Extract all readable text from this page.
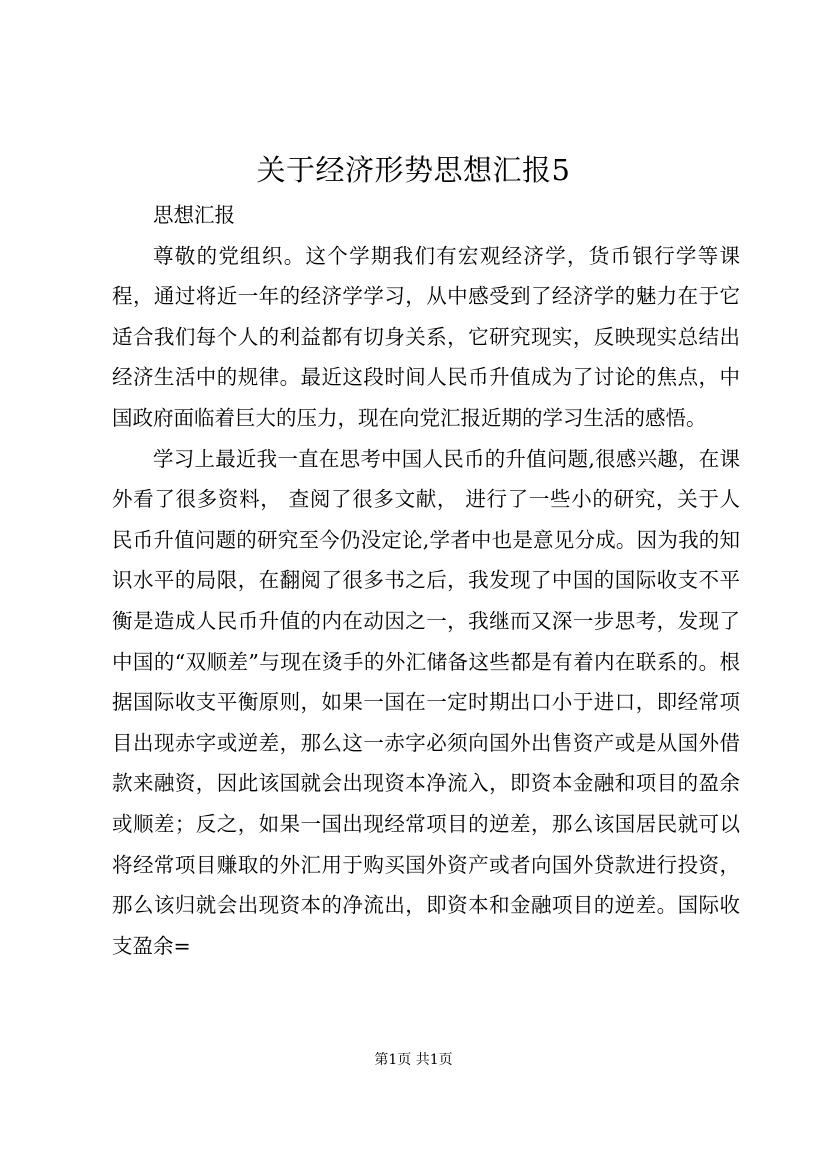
关于经济形势思想汇报5

思想汇报

尊敬的党组织。这个学期我们有宏观经济学，货币银行学等课程，通过将近一年的经济学学习，从中感受到了经济学的魅力在于它适合我们每个人的利益都有切身关系，它研究现实，反映现实总结出经济生活中的规律。最近这段时间人民币升值成为了讨论的焦点，中国政府面临着巨大的压力，现在向党汇报近期的学习生活的感悟。

学习上最近我一直在思考中国人民币的升值问题,很感兴趣，在课外看了很多资料， 查阅了很多文献， 进行了一些小的研究，关于人民币升值问题的研究至今仍没定论,学者中也是意见分成。因为我的知识水平的局限，在翻阅了很多书之后，我发现了中国的国际收支不平衡是造成人民币升值的内在动因之一，我继而又深一步思考，发现了中国的“双顺差”与现在烫手的外汇储备这些都是有着内在联系的。根据国际收支平衡原则，如果一国在一定时期出口小于进口，即经常项目出现赤字或逆差，那么这一赤字必须向国外出售资产或是从国外借款来融资，因此该国就会出现资本净流入，即资本金融和项目的盈余或顺差；反之，如果一国出现经常项目的逆差，那么该国居民就可以将经常项目赚取的外汇用于购买国外资产或者向国外贷款进行投资，那么该归就会出现资本的净流出，即资本和金融项目的逆差。国际收支盈余=

第1页 共1页
